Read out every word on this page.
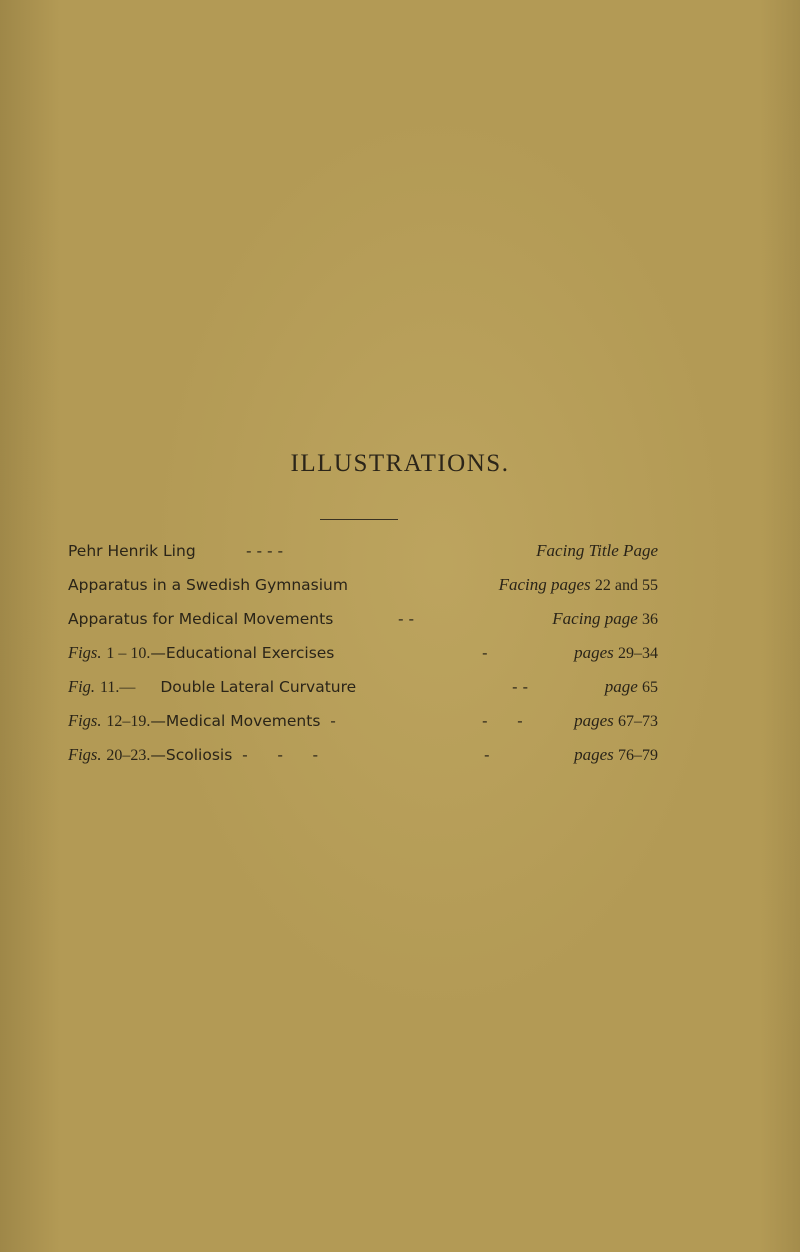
ILLUSTRATIONS.
Pehr Henrik Ling	- - - -	Facing Title Page
Apparatus in a Swedish Gymnasium	Facing pages 22 and 55
Apparatus for Medical Movements	- -	Facing page 36
Figs. 1 – 10.—Educational Exercises	-	pages 29–34
Fig. 11.— Double Lateral Curvature	- -	page 65
Figs. 12–19.—Medical Movements  -	-      -	pages 67–73
Figs. 20–23.—Scoliosis  -      -      -	-	pages 76–79
